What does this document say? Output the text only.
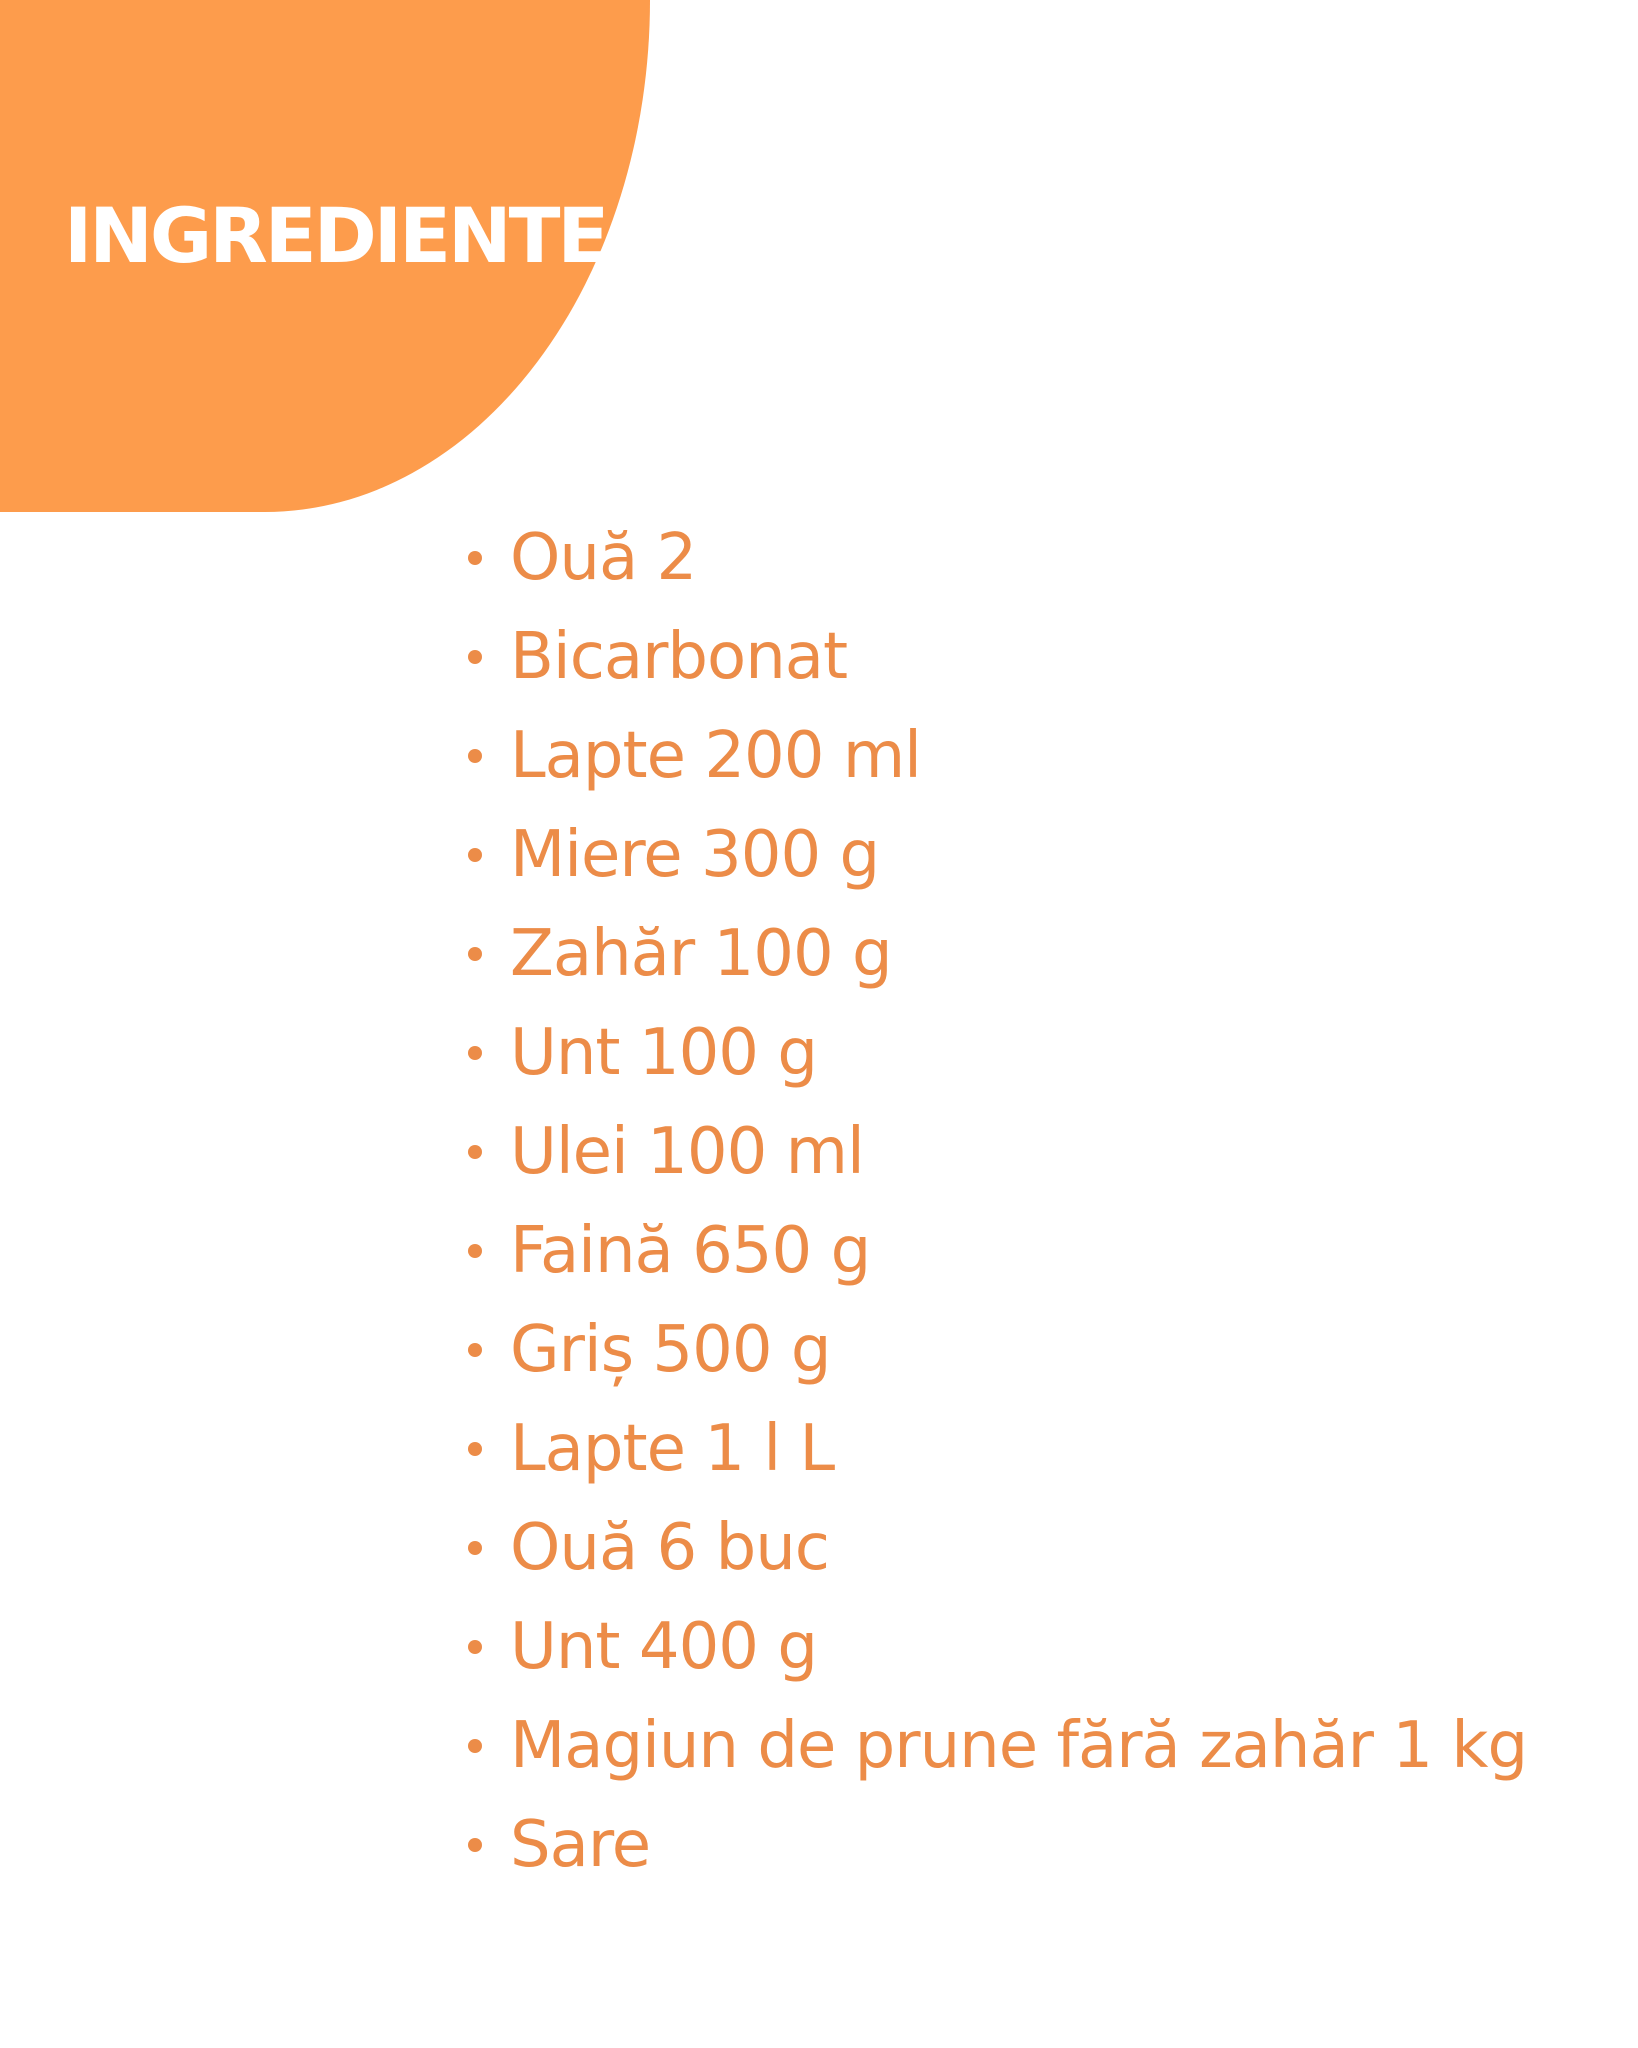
INGREDIENTE
Ouă 2
Bicarbonat
Lapte 200 ml
Miere 300 g
Zahăr 100 g
Unt 100 g
Ulei 100 ml
Faină 650 g
Griș 500 g
Lapte 1 l L
Ouă 6 buc
Unt 400 g
Magiun de prune fără zahăr 1 kg
Sare
